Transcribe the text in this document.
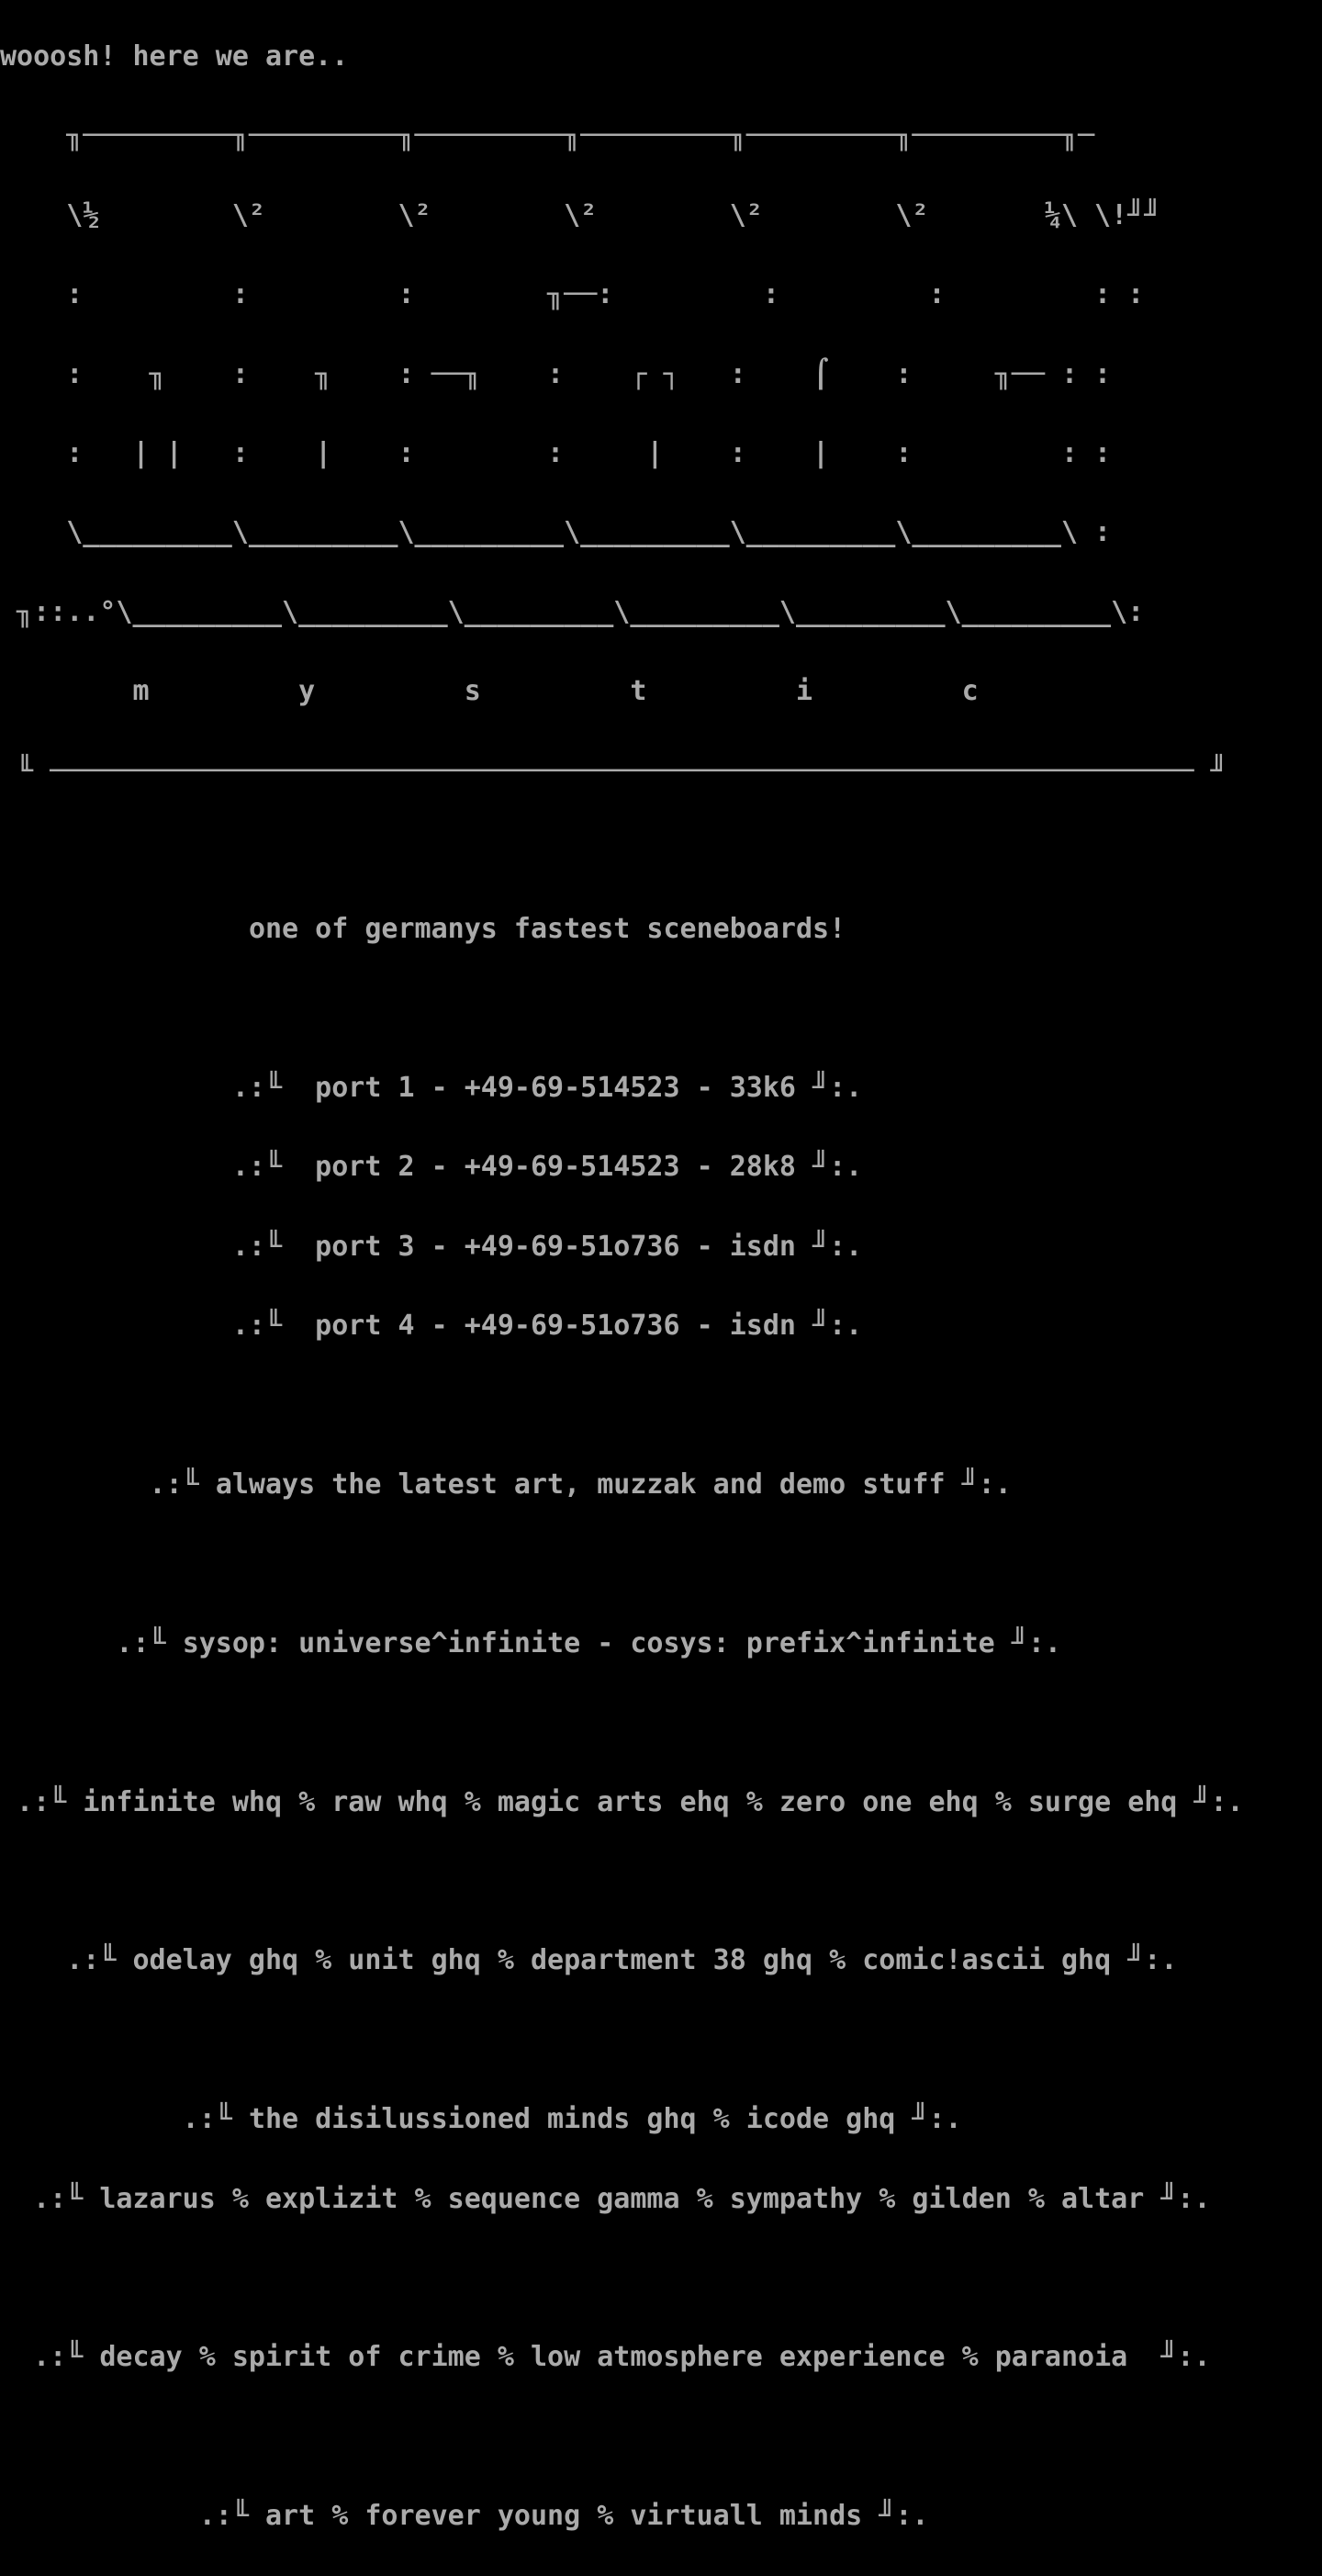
wooosh! here we are..

╖─────────╖─────────╖─────────╖─────────╖─────────╖─────────╖─

\½        \²        \²        \²        \²        \²       ¼\ \!╜╜

:         :         :        ╖──:         :         :         : :

:    ╖    :    ╖    : ──╖    :    ┌ ┐   :    ⌠    :     ╖── : :

:   | |   :    |    :        :     |    :    |    :         : :

\_________\_________\_________\_________\_________\_________\ :

╖::..°\_________\_________\_________\_________\_________\_________\:

m         y         s         t         i         c

╙ ───────────────────────────────────────────────────────────────────── ╜

one of germanys fastest sceneboards!

.:╙  port 1 - +49-69-514523 - 33k6 ╜:.

.:╙  port 2 - +49-69-514523 - 28k8 ╜:.

.:╙  port 3 - +49-69-51o736 - isdn ╜:.

.:╙  port 4 - +49-69-51o736 - isdn ╜:.

.:╙ always the latest art, muzzak and demo stuff ╜:.

.:╙ sysop: universe^infinite - cosys: prefix^infinite ╜:.

.:╙ infinite whq % raw whq % magic arts ehq % zero one ehq % surge ehq ╜:.

.:╙ odelay ghq % unit ghq % department 38 ghq % comic!ascii ghq ╜:.

.:╙ the disilussioned minds ghq % icode ghq ╜:.

.:╙ lazarus % explizit % sequence gamma % sympathy % gilden % altar ╜:.

.:╙ decay % spirit of crime % low atmosphere experience % paranoia  ╜:.

.:╙ art % forever young % virtuall minds ╜:.
